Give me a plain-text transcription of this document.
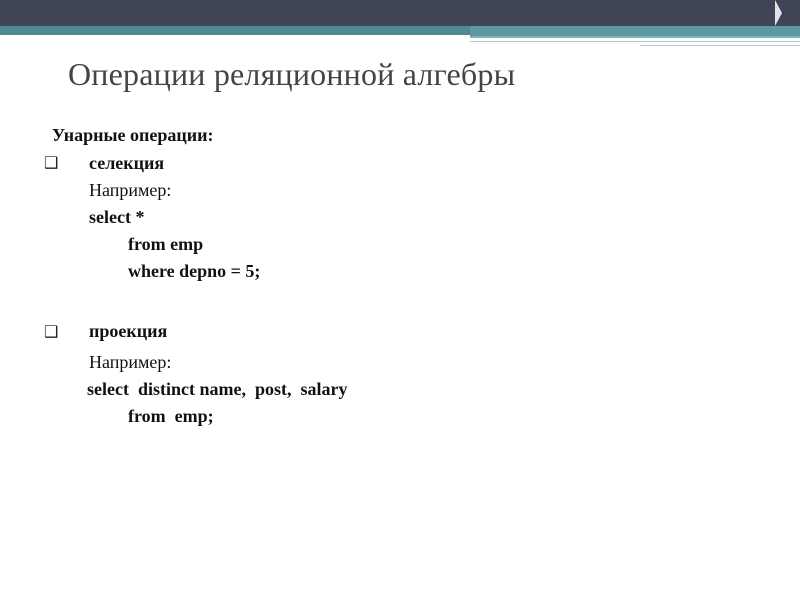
Операции реляционной алгебры
Унарные операции:
❑ селекция
Например:
select *
from emp
where depno = 5;
❑ проекция
Например:
select  distinct name,  post,  salary
from  emp;
